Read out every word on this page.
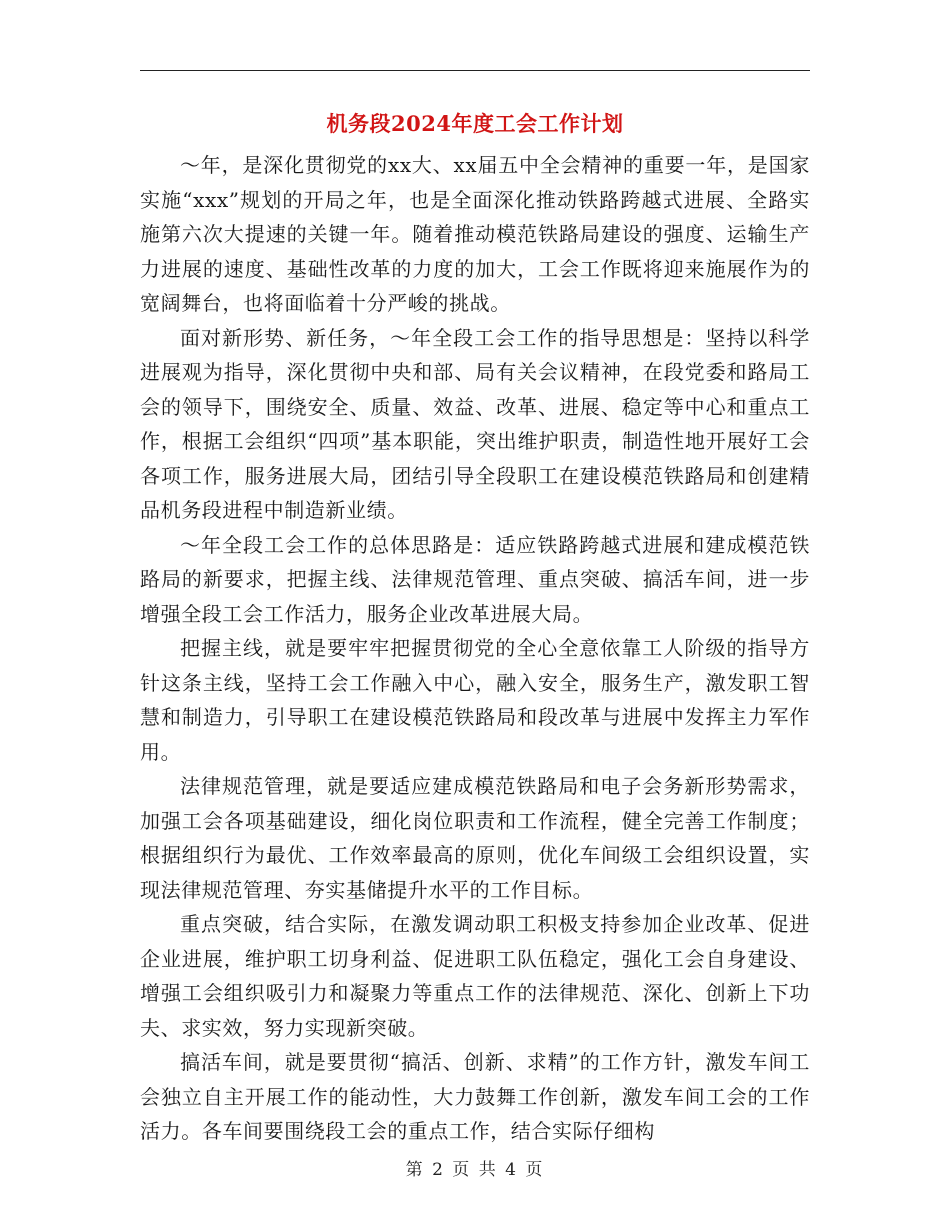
机务段2024年度工会工作计划

～年，是深化贯彻党的xx大、xx届五中全会精神的重要一年，是国家实施“xxx”规划的开局之年，也是全面深化推动铁路跨越式进展、全路实施第六次大提速的关键一年。随着推动模范铁路局建设的强度、运输生产力进展的速度、基础性改革的力度的加大，工会工作既将迎来施展作为的宽阔舞台，也将面临着十分严峻的挑战。

面对新形势、新任务，～年全段工会工作的指导思想是：坚持以科学进展观为指导，深化贯彻中央和部、局有关会议精神，在段党委和路局工会的领导下，围绕安全、质量、效益、改革、进展、稳定等中心和重点工作，根据工会组织“四项”基本职能，突出维护职责，制造性地开展好工会各项工作，服务进展大局，团结引导全段职工在建设模范铁路局和创建精品机务段进程中制造新业绩。

～年全段工会工作的总体思路是：适应铁路跨越式进展和建成模范铁路局的新要求，把握主线、法律规范管理、重点突破、搞活车间，进一步增强全段工会工作活力，服务企业改革进展大局。

把握主线，就是要牢牢把握贯彻党的全心全意依靠工人阶级的指导方针这条主线，坚持工会工作融入中心，融入安全，服务生产，激发职工智慧和制造力，引导职工在建设模范铁路局和段改革与进展中发挥主力军作用。

法律规范管理，就是要适应建成模范铁路局和电子会务新形势需求，加强工会各项基础建设，细化岗位职责和工作流程，健全完善工作制度；根据组织行为最优、工作效率最高的原则，优化车间级工会组织设置，实现法律规范管理、夯实基储提升水平的工作目标。

重点突破，结合实际，在激发调动职工积极支持参加企业改革、促进企业进展，维护职工切身利益、促进职工队伍稳定，强化工会自身建设、增强工会组织吸引力和凝聚力等重点工作的法律规范、深化、创新上下功夫、求实效，努力实现新突破。

搞活车间，就是要贯彻“搞活、创新、求精”的工作方针，激发车间工会独立自主开展工作的能动性，大力鼓舞工作创新，激发车间工会的工作活力。各车间要围绕段工会的重点工作，结合实际仔细构

第 2 页 共 4 页
